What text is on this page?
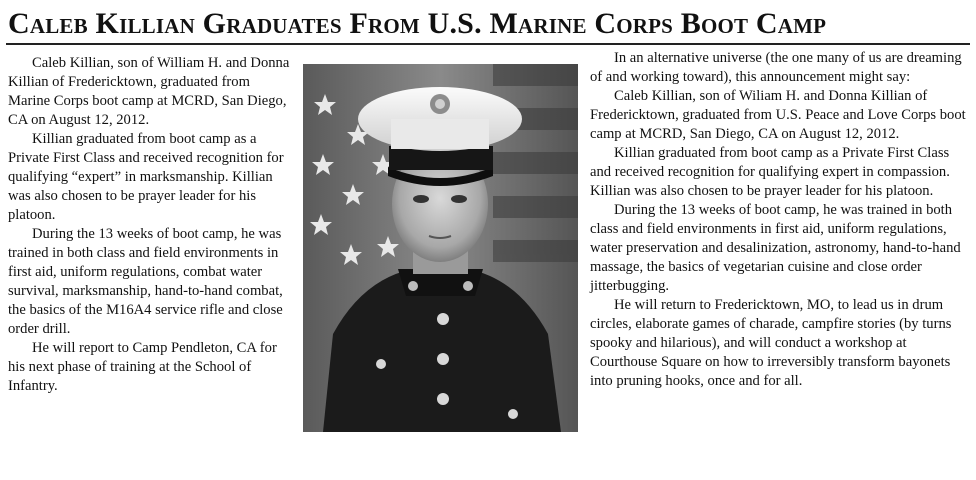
Caleb Killian Graduates From U.S. Marine Corps Boot Camp

Caleb Killian, son of William H. and Donna Killian of Fredericktown, graduated from Marine Corps boot camp at MCRD, San Diego, CA on August 12, 2012.

Killian graduated from boot camp as a Private First Class and received recognition for qualifying “expert” in marksmanship. Killian was also chosen to be prayer leader for his platoon.

During the 13 weeks of boot camp, he was trained in both class and field environments in first aid, uniform regulations, combat water survival, marksmanship, hand-to-hand combat, the basics of the M16A4 service rifle and close order drill.

He will report to Camp Pendleton, CA for his next phase of training at the School of Infantry.

In an alternative universe (the one many of us are dreaming of and working toward), this announcement might say:

Caleb Killian, son of Wiliam H. and Donna Killian of Fredericktown, graduated from U.S. Peace and Love Corps boot camp at MCRD, San Diego, CA on August 12, 2012.

Killian graduated from boot camp as a Private First Class and received recognition for qualifying expert in compassion. Killian was also chosen to be prayer leader for his platoon.

During the 13 weeks of boot camp, he was trained in both class and field environments in first aid, uniform regulations, water preservation and desalinization, astronomy, hand-to-hand massage, the basics of vegetarian cuisine and close order jitterbugging.

He will return to Fredericktown, MO, to lead us in drum circles, elaborate games of charade, campfire stories (by turns spooky and hilarious), and will conduct a workshop at Courthouse Square on how to irreversibly transform bayonets into pruning hooks, once and for all.
